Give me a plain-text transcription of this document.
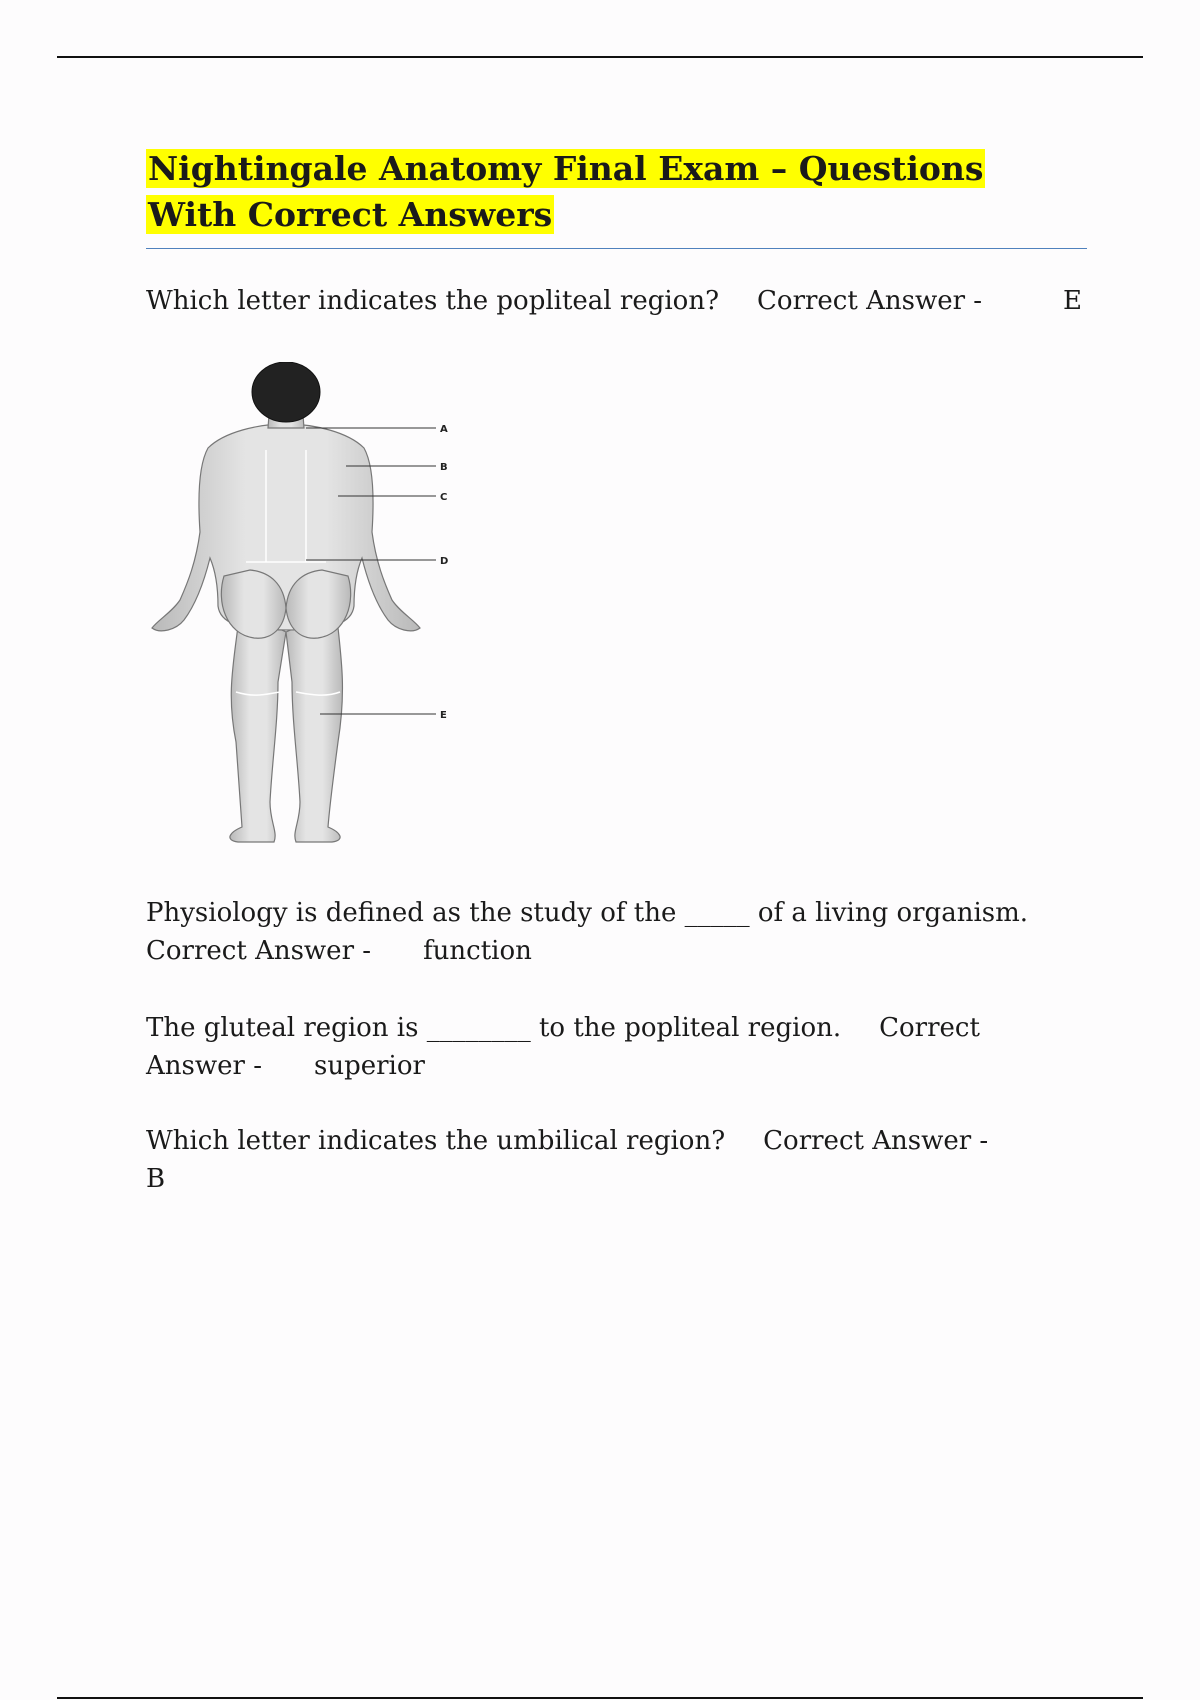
Nightingale Anatomy Final Exam – Questions With Correct Answers

Which letter indicates the popliteal region? Correct Answer -	E

A
B
C
D
E

Physiology is defined as the study of the _____ of a living organism.
Correct Answer - function

The gluteal region is ________ to the popliteal region. Correct Answer - superior

Which letter indicates the umbilical region? Correct Answer -
B
